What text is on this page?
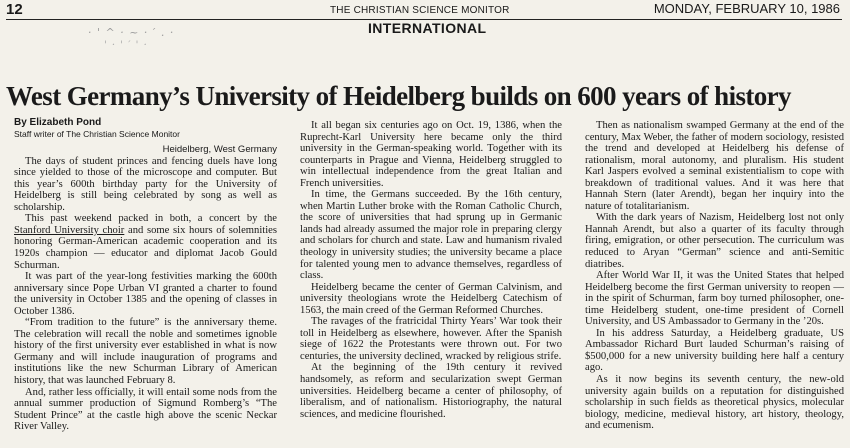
12	THE CHRISTIAN SCIENCE MONITOR	MONDAY, FEBRUARY 10, 1986
INTERNATIONAL
· ' ^ · ~ · ′ . ·
' · ' ′ ' ·
West Germany’s University of Heidelberg builds on 600 years of history

By Elizabeth Pond

Staff writer of The Christian Science Monitor

Heidelberg, West Germany

The days of student princes and fencing duels have long since yielded to those of the microscope and computer. But this year’s 600th birthday party for the University of Heidelberg is still being celebrated by song as well as scholarship.

This past weekend packed in both, a concert by the Stanford University choir and some six hours of solemnities honoring German-American academic cooperation and its 1920s champion — educator and diplomat Jacob Gould Schurman.

It was part of the year-long festivities marking the 600th anniversary since Pope Urban VI granted a charter to found the university in October 1385 and the opening of classes in October 1386.

“From tradition to the future” is the anniversary theme. The celebration will recall the noble and sometimes ignoble history of the first university ever established in what is now Germany and will include inauguration of programs and institutions like the new Schurman Library of American history, that was launched February 8.

And, rather less officially, it will entail some nods from the annual summer production of Sigmund Romberg’s “The Student Prince” at the castle high above the scenic Neckar River Valley.

It all began six centuries ago on Oct. 19, 1386, when the Ruprecht-Karl University here became only the third university in the German-speaking world. Together with its counterparts in Prague and Vienna, Heidelberg struggled to win intellectual independence from the great Italian and French universities.

In time, the Germans succeeded. By the 16th century, when Martin Luther broke with the Roman Catholic Church, the score of universities that had sprung up in Germanic lands had already assumed the major role in preparing clergy and scholars for church and state. Law and humanism rivaled theology in university studies; the university became a place for talented young men to advance themselves, regardless of class.

Heidelberg became the center of German Calvinism, and university theologians wrote the Heidelberg Catechism of 1563, the main creed of the German Reformed Churches.

The ravages of the fratricidal Thirty Years’ War took their toll in Heidelberg as elsewhere, however. After the Spanish siege of 1622 the Protestants were thrown out. For two centuries, the university declined, wracked by religious strife.

At the beginning of the 19th century it revived handsomely, as reform and secularization swept German universities. Heidelberg became a center of philosophy, of liberalism, and of nationalism. Historiography, the natural sciences, and medicine flourished.

Then as nationalism swamped Germany at the end of the century, Max Weber, the father of modern sociology, resisted the trend and developed at Heidelberg his defense of rationalism, moral autonomy, and pluralism. His student Karl Jaspers evolved a seminal existentialism to cope with breakdown of traditional values. And it was here that Hannah Stern (later Arendt), began her inquiry into the nature of totalitarianism.

With the dark years of Nazism, Heidelberg lost not only Hannah Arendt, but also a quarter of its faculty through firing, emigration, or other persecution. The curriculum was reduced to Aryan “German” science and anti-Semitic diatribes.

After World War II, it was the United States that helped Heidelberg become the first German university to reopen — in the spirit of Schurman, farm boy turned philosopher, one-time Heidelberg student, one-time president of Cornell University, and US Ambassador to Germany in the ’20s.

In his address Saturday, a Heidelberg graduate, US Ambassador Richard Burt lauded Schurman’s raising of $500,000 for a new university building here half a century ago.

As it now begins its seventh century, the new-old university again builds on a reputation for distinguished scholarship in such fields as theoretical physics, molecular biology, medicine, medieval history, art history, theology, and ecumenism.
